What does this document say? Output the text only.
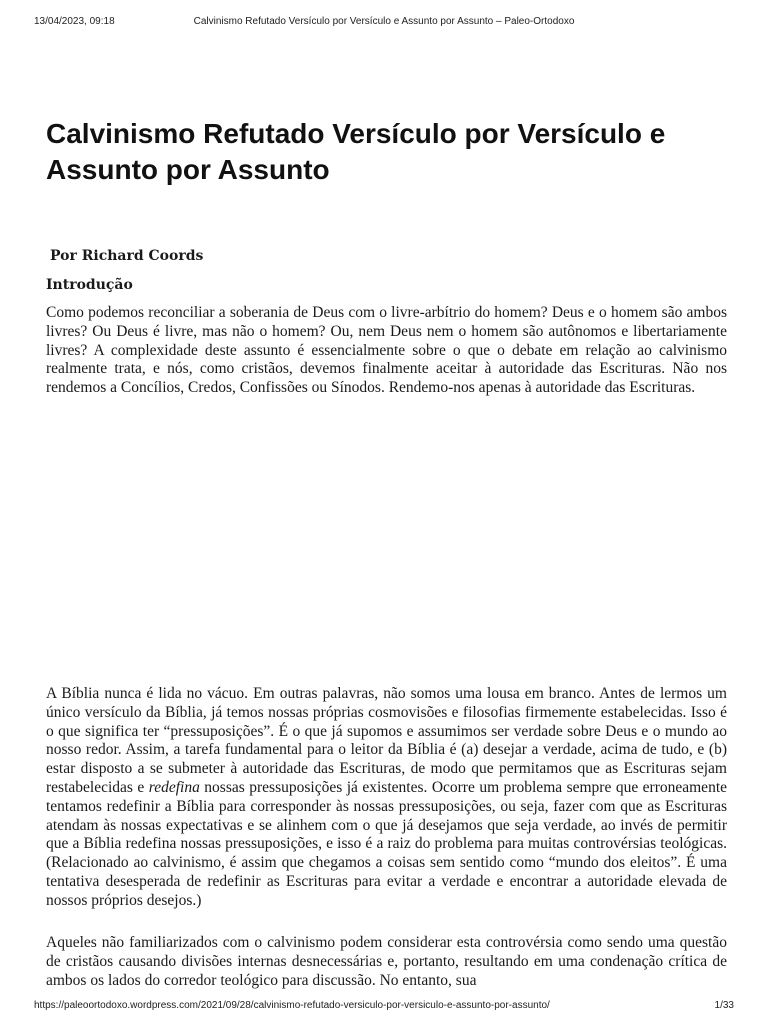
13/04/2023, 09:18	Calvinismo Refutado Versículo por Versículo e Assunto por Assunto – Paleo-Ortodoxo
Calvinismo Refutado Versículo por Versículo e Assunto por Assunto
Por Richard Coords
Introdução

Como podemos reconciliar a soberania de Deus com o livre-arbítrio do homem? Deus e o homem são ambos livres? Ou Deus é livre, mas não o homem? Ou, nem Deus nem o homem são autônomos e libertariamente livres? A complexidade deste assunto é essencialmente sobre o que o debate em relação ao calvinismo realmente trata, e nós, como cristãos, devemos finalmente aceitar à autoridade das Escrituras. Não nos rendemos a Concílios, Credos, Confissões ou Sínodos. Rendemo-nos apenas à autoridade das Escrituras.

A Bíblia nunca é lida no vácuo. Em outras palavras, não somos uma lousa em branco. Antes de lermos um único versículo da Bíblia, já temos nossas próprias cosmovisões e filosofias firmemente estabelecidas. Isso é o que significa ter “pressuposições”. É o que já supomos e assumimos ser verdade sobre Deus e o mundo ao nosso redor. Assim, a tarefa fundamental para o leitor da Bíblia é (a) desejar a verdade, acima de tudo, e (b) estar disposto a se submeter à autoridade das Escrituras, de modo que permitamos que as Escrituras sejam restabelecidas e redefina nossas pressuposições já existentes. Ocorre um problema sempre que erroneamente tentamos redefinir a Bíblia para corresponder às nossas pressuposições, ou seja, fazer com que as Escrituras atendam às nossas expectativas e se alinhem com o que já desejamos que seja verdade, ao invés de permitir que a Bíblia redefina nossas pressuposições, e isso é a raiz do problema para muitas controvérsias teológicas. (Relacionado ao calvinismo, é assim que chegamos a coisas sem sentido como “mundo dos eleitos”. É uma tentativa desesperada de redefinir as Escrituras para evitar a verdade e encontrar a autoridade elevada de nossos próprios desejos.)

Aqueles não familiarizados com o calvinismo podem considerar esta controvérsia como sendo uma questão de cristãos causando divisões internas desnecessárias e, portanto, resultando em uma condenação crítica de ambos os lados do corredor teológico para discussão. No entanto, sua

https://paleoortodoxo.wordpress.com/2021/09/28/calvinismo-refutado-versiculo-por-versiculo-e-assunto-por-assunto/	1/33
